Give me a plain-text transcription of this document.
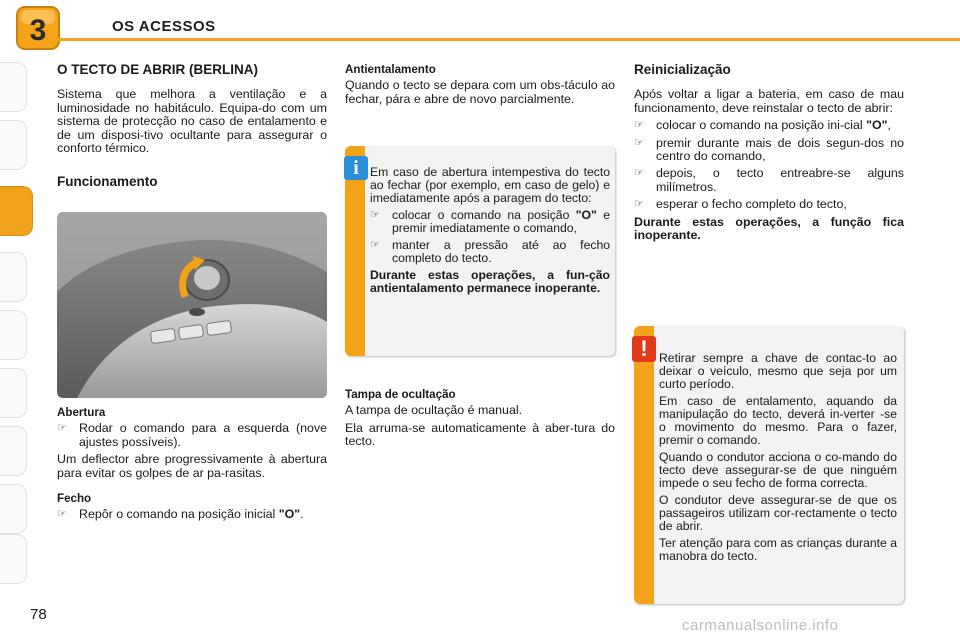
3	OS ACESSOS
O TECTO DE ABRIR (BERLINA)

Sistema que melhora a ventilação e a luminosidade no habitáculo. Equipa-do com um sistema de protecção no caso de entalamento e de um disposi-tivo ocultante para assegurar o conforto térmico.

Funcionamento
Abertura
☞ Rodar o comando para a esquerda (nove ajustes possíveis).

Um deflector abre progressivamente à abertura para evitar os golpes de ar pa-rasitas.

Fecho
☞ Repôr o comando na posição inicial "O".
Antientalamento

Quando o tecto se depara com um obs-táculo ao fechar, pára e abre de novo parcialmente.

i Em caso de abertura intempestiva do tecto ao fechar (por exemplo, em caso de gelo) e imediatamente após a paragem do tecto:

☞ colocar o comando na posição "O" e premir imediatamente o comando,
☞ manter a pressão até ao fecho completo do tecto.

Durante estas operações, a fun-ção antientalamento permanece inoperante.

Tampa de ocultação

A tampa de ocultação é manual.

Ela arruma-se automaticamente à aber-tura do tecto.

Reinicialização

Após voltar a ligar a bateria, em caso de mau funcionamento, deve reinstalar o tecto de abrir:

☞ colocar o comando na posição ini-cial "O",
☞ premir durante mais de dois segun-dos no centro do comando,
☞ depois, o tecto entreabre-se alguns milímetros.
☞ esperar o fecho completo do tecto,

Durante estas operações, a função fica inoperante.

! Retirar sempre a chave de contac-to ao deixar o veículo, mesmo que seja por um curto período.

Em caso de entalamento, aquando da manipulação do tecto, deverá in-verter -se o movimento do mesmo. Para o fazer, premir o comando.

Quando o condutor acciona o co-mando do tecto deve assegurar-se de que ninguém impede o seu fecho de forma correcta.

O condutor deve assegurar-se de que os passageiros utilizam cor-rectamente o tecto de abrir.

Ter atenção para com as crianças durante a manobra do tecto.

78
carmanualsonline.info
